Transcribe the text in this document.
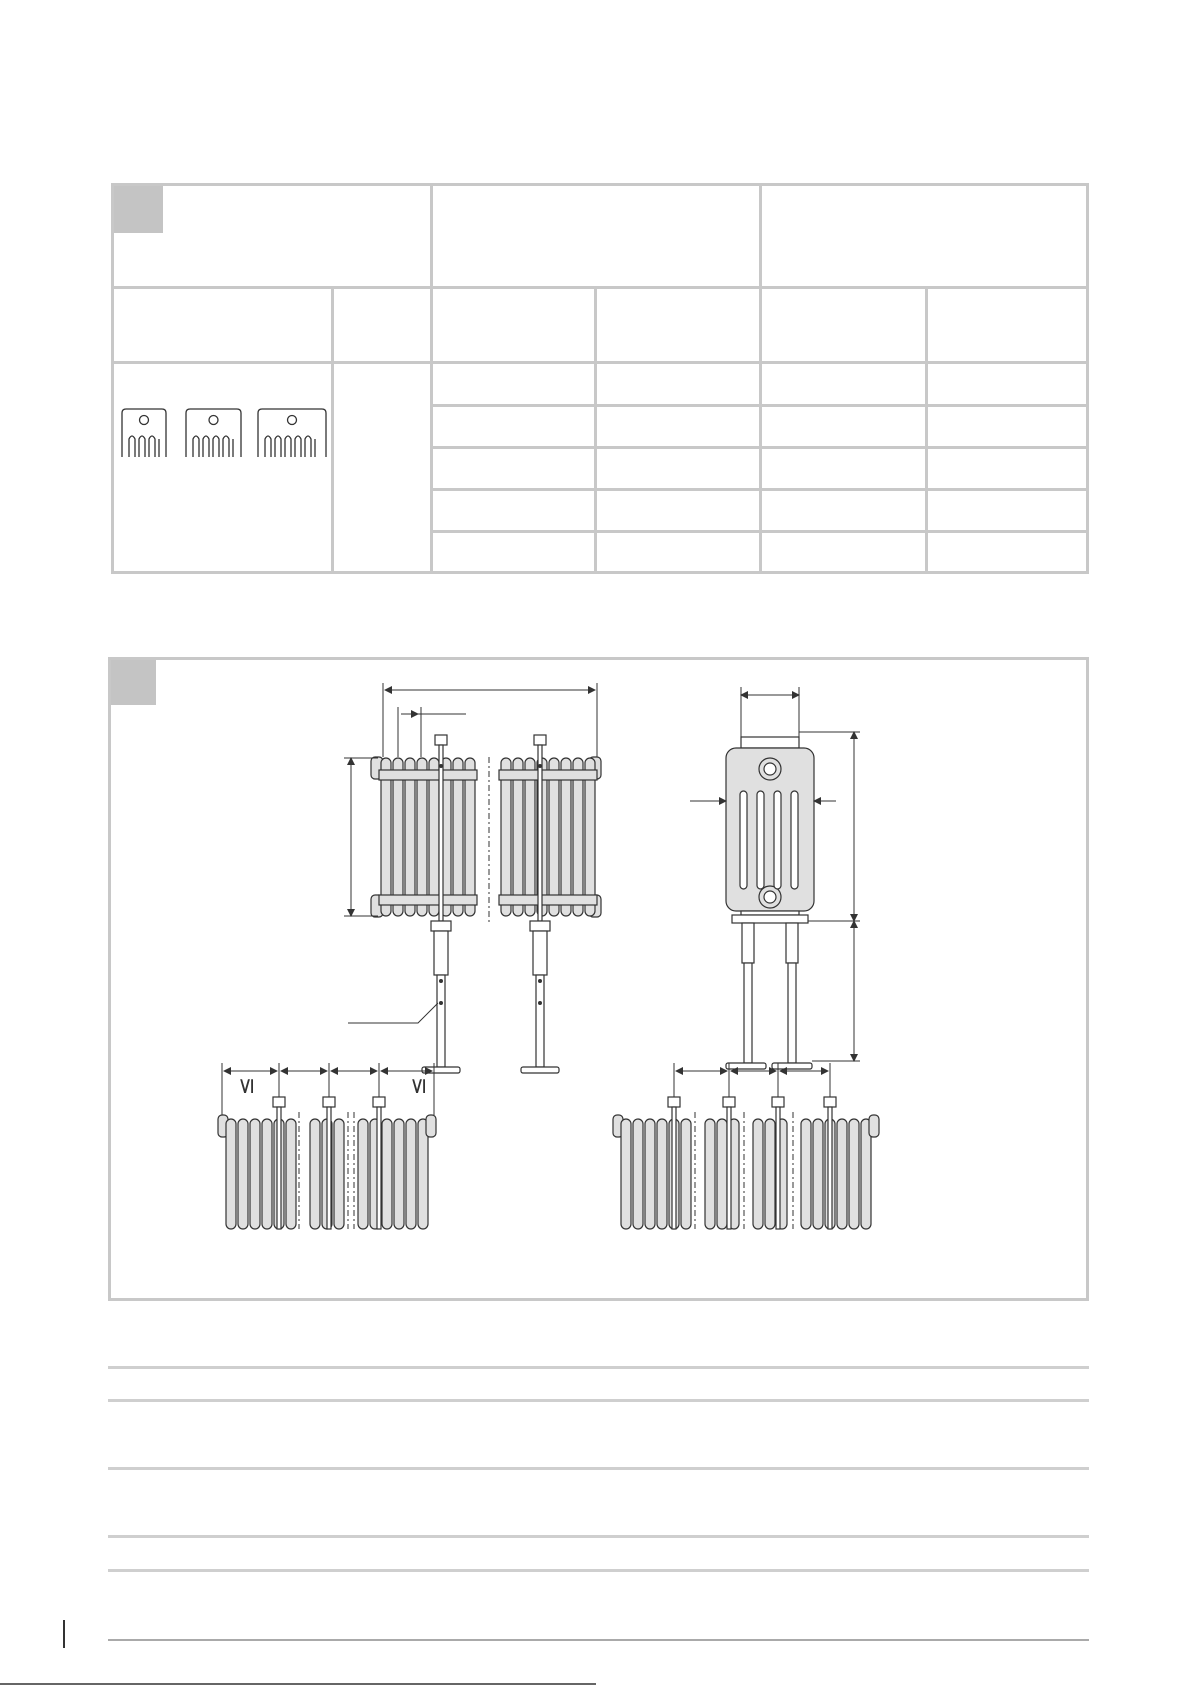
≤	≤
